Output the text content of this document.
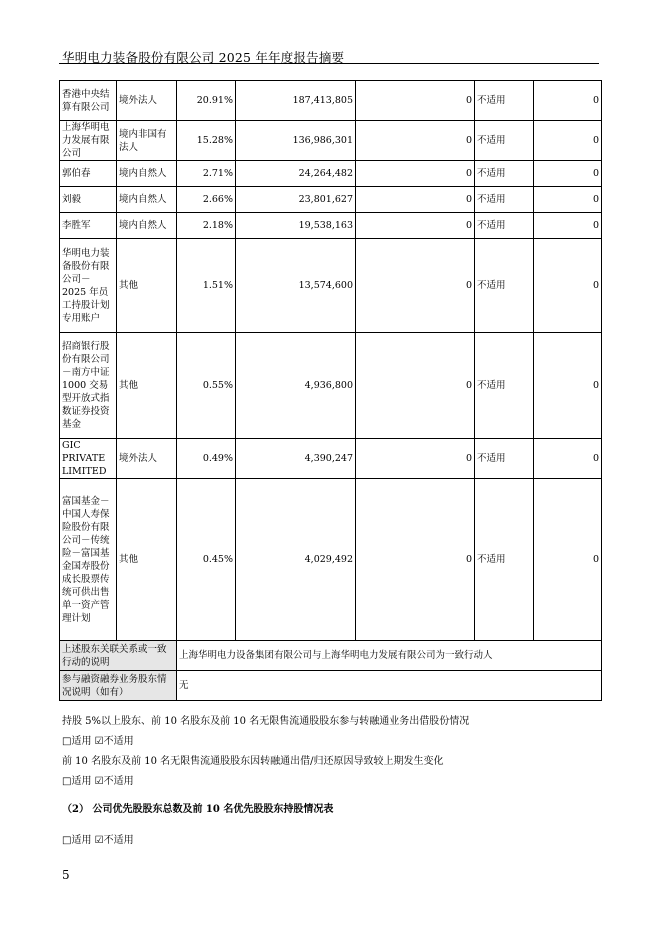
华明电力装备股份有限公司 2025 年年度报告摘要
香港中央结算有限公司	境外法人	20.91%	187,413,805	0	不适用	0
上海华明电力发展有限公司	境内非国有法人	15.28%	136,986,301	0	不适用	0
郭伯春	境内自然人	2.71%	24,264,482	0	不适用	0
刘毅	境内自然人	2.66%	23,801,627	0	不适用	0
李胜军	境内自然人	2.18%	19,538,163	0	不适用	0
华明电力装备股份有限公司－2025 年员工持股计划专用账户	其他	1.51%	13,574,600	0	不适用	0
招商银行股份有限公司－南方中证1000 交易型开放式指数证券投资基金	其他	0.55%	4,936,800	0	不适用	0
GIC PRIVATE LIMITED	境外法人	0.49%	4,390,247	0	不适用	0
富国基金－中国人寿保险股份有限公司－传统险－富国基金国寿股份成长股票传统可供出售单一资产管理计划	其他	0.45%	4,029,492	0	不适用	0
上述股东关联关系或一致行动的说明		上海华明电力设备集团有限公司与上海华明电力发展有限公司为一致行动人				
参与融资融券业务股东情况说明（如有）		无				
持股 5%以上股东、前 10 名股东及前 10 名无限售流通股股东参与转融通业务出借股份情况
□适用 ☑不适用
前 10 名股东及前 10 名无限售流通股股东因转融通出借/归还原因导致较上期发生变化
□适用 ☑不适用
（2） 公司优先股股东总数及前 10 名优先股股东持股情况表
□适用 ☑不适用
5
